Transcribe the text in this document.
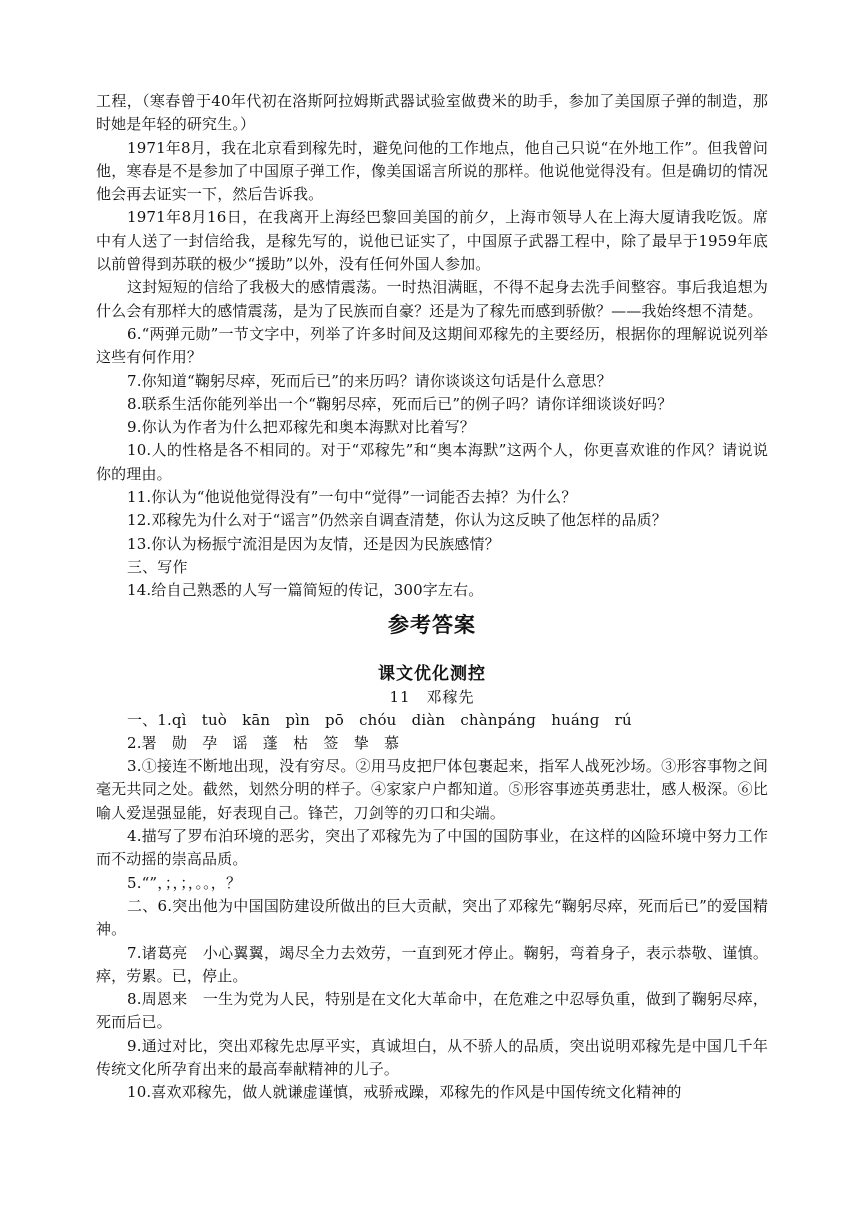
工程，（寒春曾于40年代初在洛斯阿拉姆斯武器试验室做费米的助手，参加了美国原子弹的制造，那时她是年轻的研究生。）

1971年8月，我在北京看到稼先时，避免问他的工作地点，他自己只说“在外地工作”。但我曾问他，寒春是不是参加了中国原子弹工作，像美国谣言所说的那样。他说他觉得没有。但是确切的情况他会再去证实一下，然后告诉我。

1971年8月16日，在我离开上海经巴黎回美国的前夕，上海市领导人在上海大厦请我吃饭。席中有人送了一封信给我，是稼先写的，说他已证实了，中国原子武器工程中，除了最早于1959年底以前曾得到苏联的极少“援助”以外，没有任何外国人参加。

这封短短的信给了我极大的感情震荡。一时热泪满眶，不得不起身去洗手间整容。事后我追想为什么会有那样大的感情震荡，是为了民族而自豪？还是为了稼先而感到骄傲？——我始终想不清楚。

6.“两弹元勋”一节文字中，列举了许多时间及这期间邓稼先的主要经历，根据你的理解说说列举这些有何作用？

7.你知道“鞠躬尽瘁，死而后已”的来历吗？请你谈谈这句话是什么意思？

8.联系生活你能列举出一个“鞠躬尽瘁，死而后已”的例子吗？请你详细谈谈好吗？

9.你认为作者为什么把邓稼先和奥本海默对比着写？

10.人的性格是各不相同的。对于“邓稼先”和“奥本海默”这两个人，你更喜欢谁的作风？请说说你的理由。

11.你认为“他说他觉得没有”一句中“觉得”一词能否去掉？为什么？

12.邓稼先为什么对于“谣言”仍然亲自调查清楚，你认为这反映了他怎样的品质？

13.你认为杨振宁流泪是因为友情，还是因为民族感情？

三、写作

14.给自己熟悉的人写一篇简短的传记，300字左右。

参考答案
课文优化测控
11　邓稼先

一、1.qì　tuò　kān　pìn　pō　chóu　diàn　chànpánɡ　huánɡ　rú

2.署　勋　孕　谣　蓬　枯　签　挚　慕

3.①接连不断地出现，没有穷尽。②用马皮把尸体包裹起来，指军人战死沙场。③形容事物之间毫无共同之处。截然，划然分明的样子。④家家户户都知道。⑤形容事迹英勇悲壮，感人极深。⑥比喻人爱逞强显能，好表现自己。锋芒，刀剑等的刃口和尖端。

4.描写了罗布泊环境的恶劣，突出了邓稼先为了中国的国防事业，在这样的凶险环境中努力工作而不动摇的崇高品质。

5.“”，；，；，。。，？

二、6.突出他为中国国防建设所做出的巨大贡献，突出了邓稼先“鞠躬尽瘁，死而后已”的爱国精神。

7.诸葛亮　小心翼翼，竭尽全力去效劳，一直到死才停止。鞠躬，弯着身子，表示恭敬、谨慎。瘁，劳累。已，停止。

8.周恩来　一生为党为人民，特别是在文化大革命中，在危难之中忍辱负重，做到了鞠躬尽瘁，死而后已。

9.通过对比，突出邓稼先忠厚平实，真诚坦白，从不骄人的品质，突出说明邓稼先是中国几千年传统文化所孕育出来的最高奉献精神的儿子。

10.喜欢邓稼先，做人就谦虚谨慎，戒骄戒躁，邓稼先的作风是中国传统文化精神的
